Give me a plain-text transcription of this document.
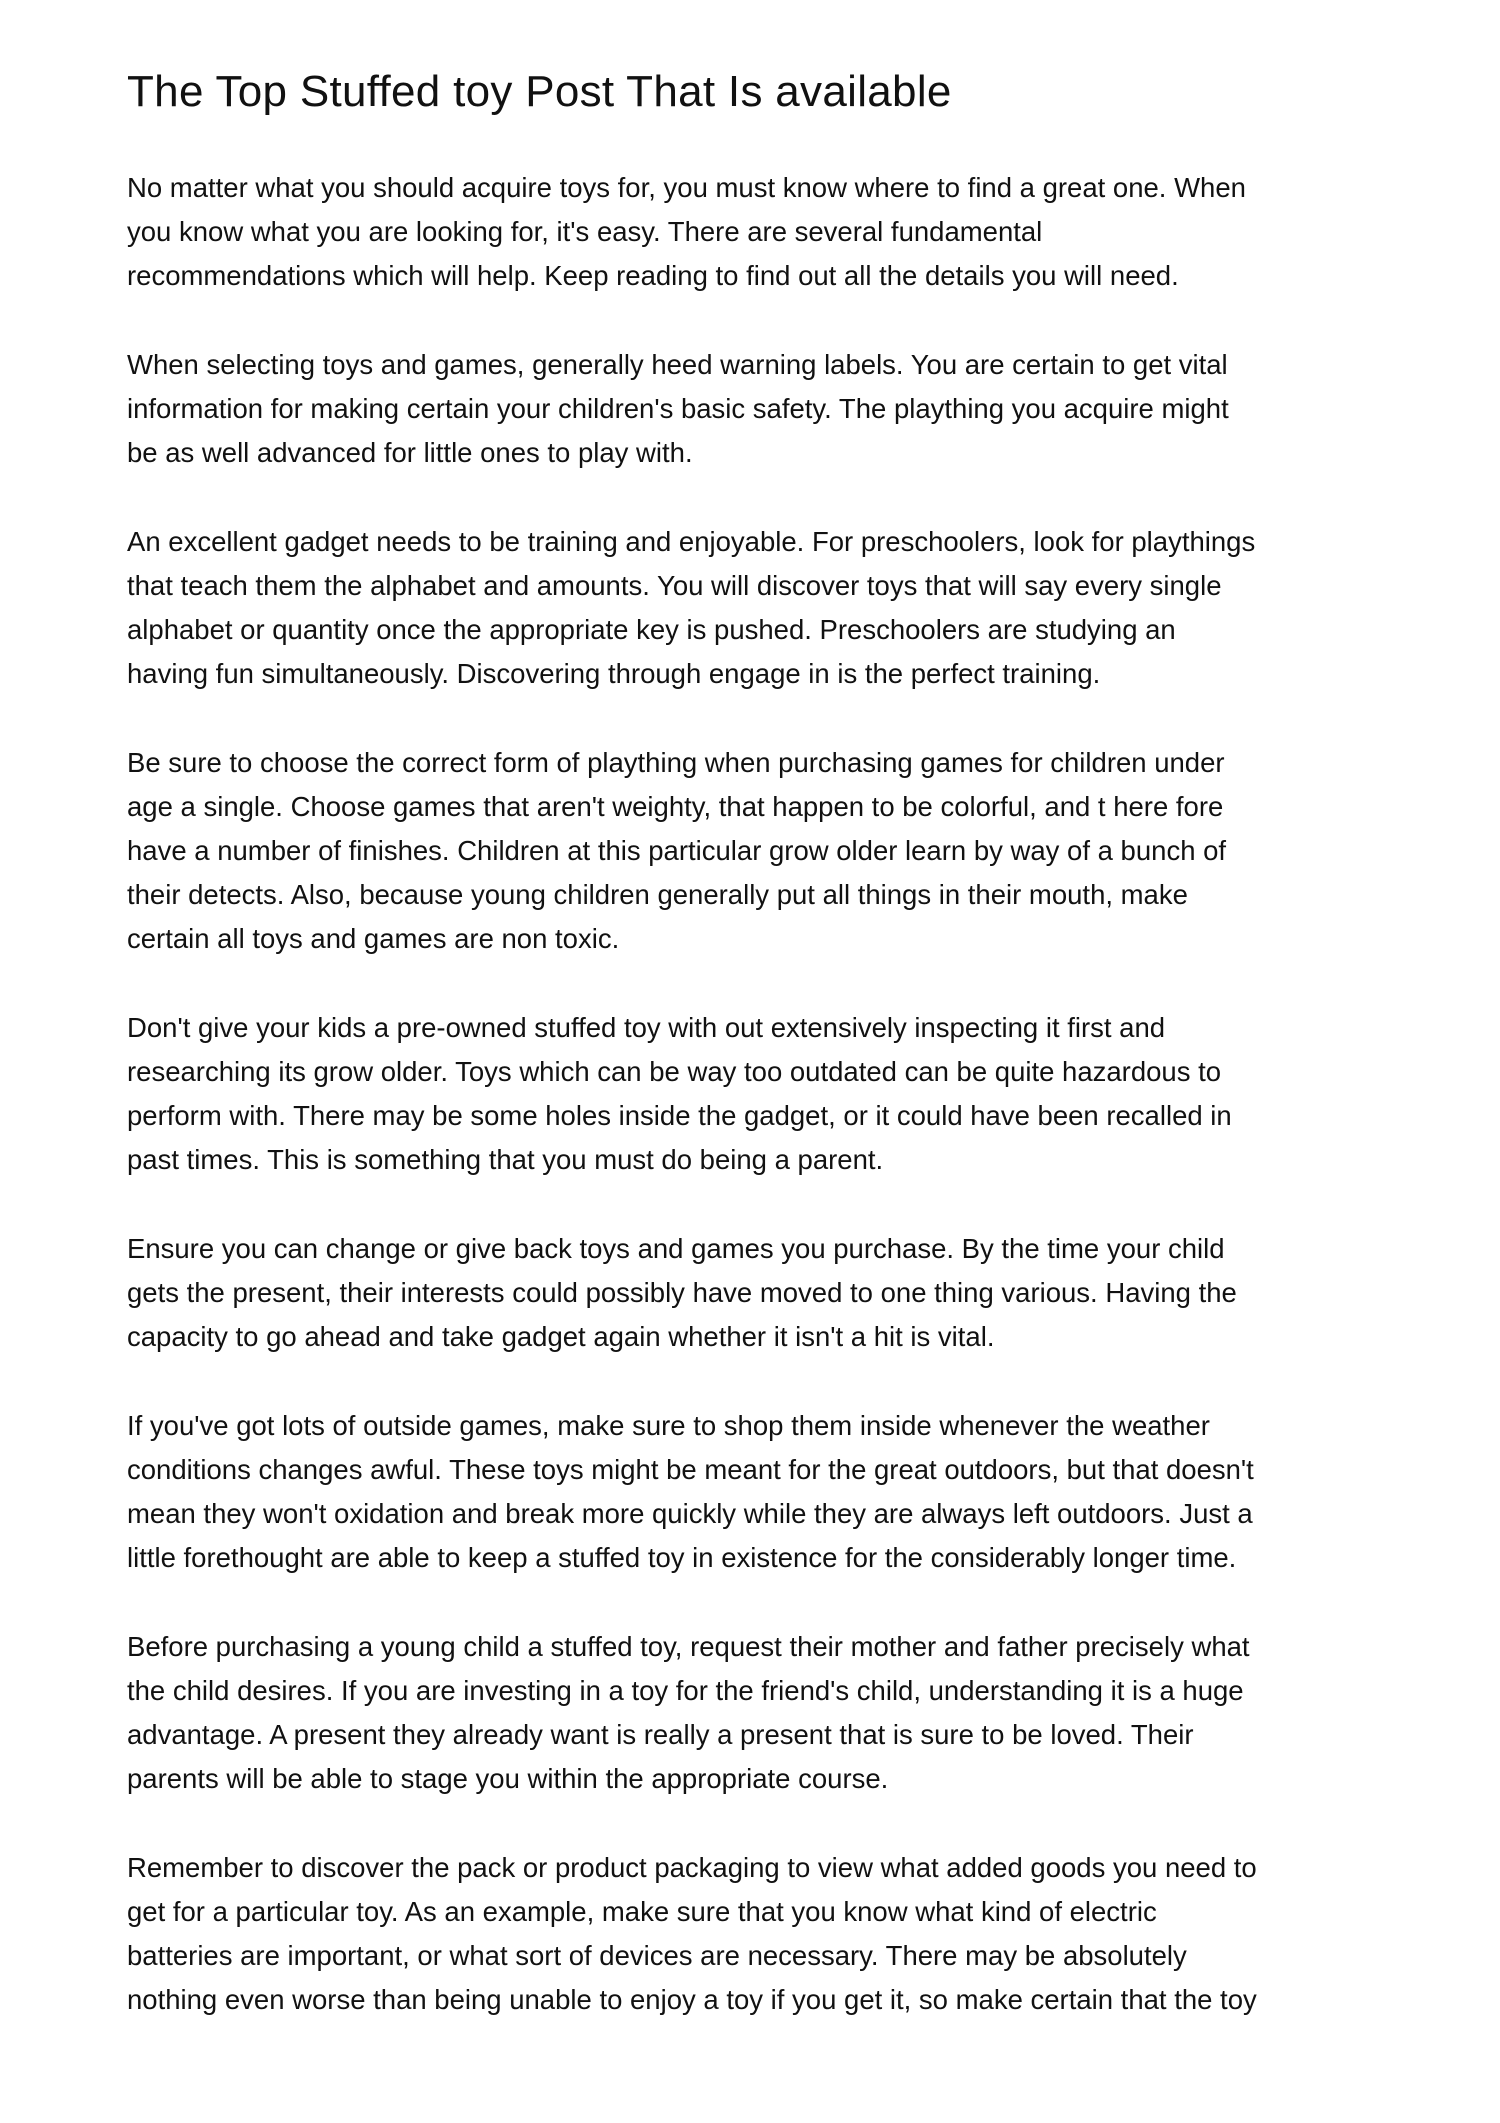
The Top Stuffed toy Post That Is available

No matter what you should acquire toys for, you must know where to find a great one. When
you know what you are looking for, it's easy. There are several fundamental
recommendations which will help. Keep reading to find out all the details you will need.

When selecting toys and games, generally heed warning labels. You are certain to get vital
information for making certain your children's basic safety. The plaything you acquire might
be as well advanced for little ones to play with.

An excellent gadget needs to be training and enjoyable. For preschoolers, look for playthings
that teach them the alphabet and amounts. You will discover toys that will say every single
alphabet or quantity once the appropriate key is pushed. Preschoolers are studying an
having fun simultaneously. Discovering through engage in is the perfect training.

Be sure to choose the correct form of plaything when purchasing games for children under
age a single. Choose games that aren't weighty, that happen to be colorful, and t here fore
have a number of finishes. Children at this particular grow older learn by way of a bunch of
their detects. Also, because young children generally put all things in their mouth, make
certain all toys and games are non toxic.

Don't give your kids a pre-owned stuffed toy with out extensively inspecting it first and
researching its grow older. Toys which can be way too outdated can be quite hazardous to
perform with. There may be some holes inside the gadget, or it could have been recalled in
past times. This is something that you must do being a parent.

Ensure you can change or give back toys and games you purchase. By the time your child
gets the present, their interests could possibly have moved to one thing various. Having the
capacity to go ahead and take gadget again whether it isn't a hit is vital.

If you've got lots of outside games, make sure to shop them inside whenever the weather
conditions changes awful. These toys might be meant for the great outdoors, but that doesn't
mean they won't oxidation and break more quickly while they are always left outdoors. Just a
little forethought are able to keep a stuffed toy in existence for the considerably longer time.

Before purchasing a young child a stuffed toy, request their mother and father precisely what
the child desires. If you are investing in a toy for the friend's child, understanding it is a huge
advantage. A present they already want is really a present that is sure to be loved. Their
parents will be able to stage you within the appropriate course.

Remember to discover the pack or product packaging to view what added goods you need to
get for a particular toy. As an example, make sure that you know what kind of electric
batteries are important, or what sort of devices are necessary. There may be absolutely
nothing even worse than being unable to enjoy a toy if you get it, so make certain that the toy
